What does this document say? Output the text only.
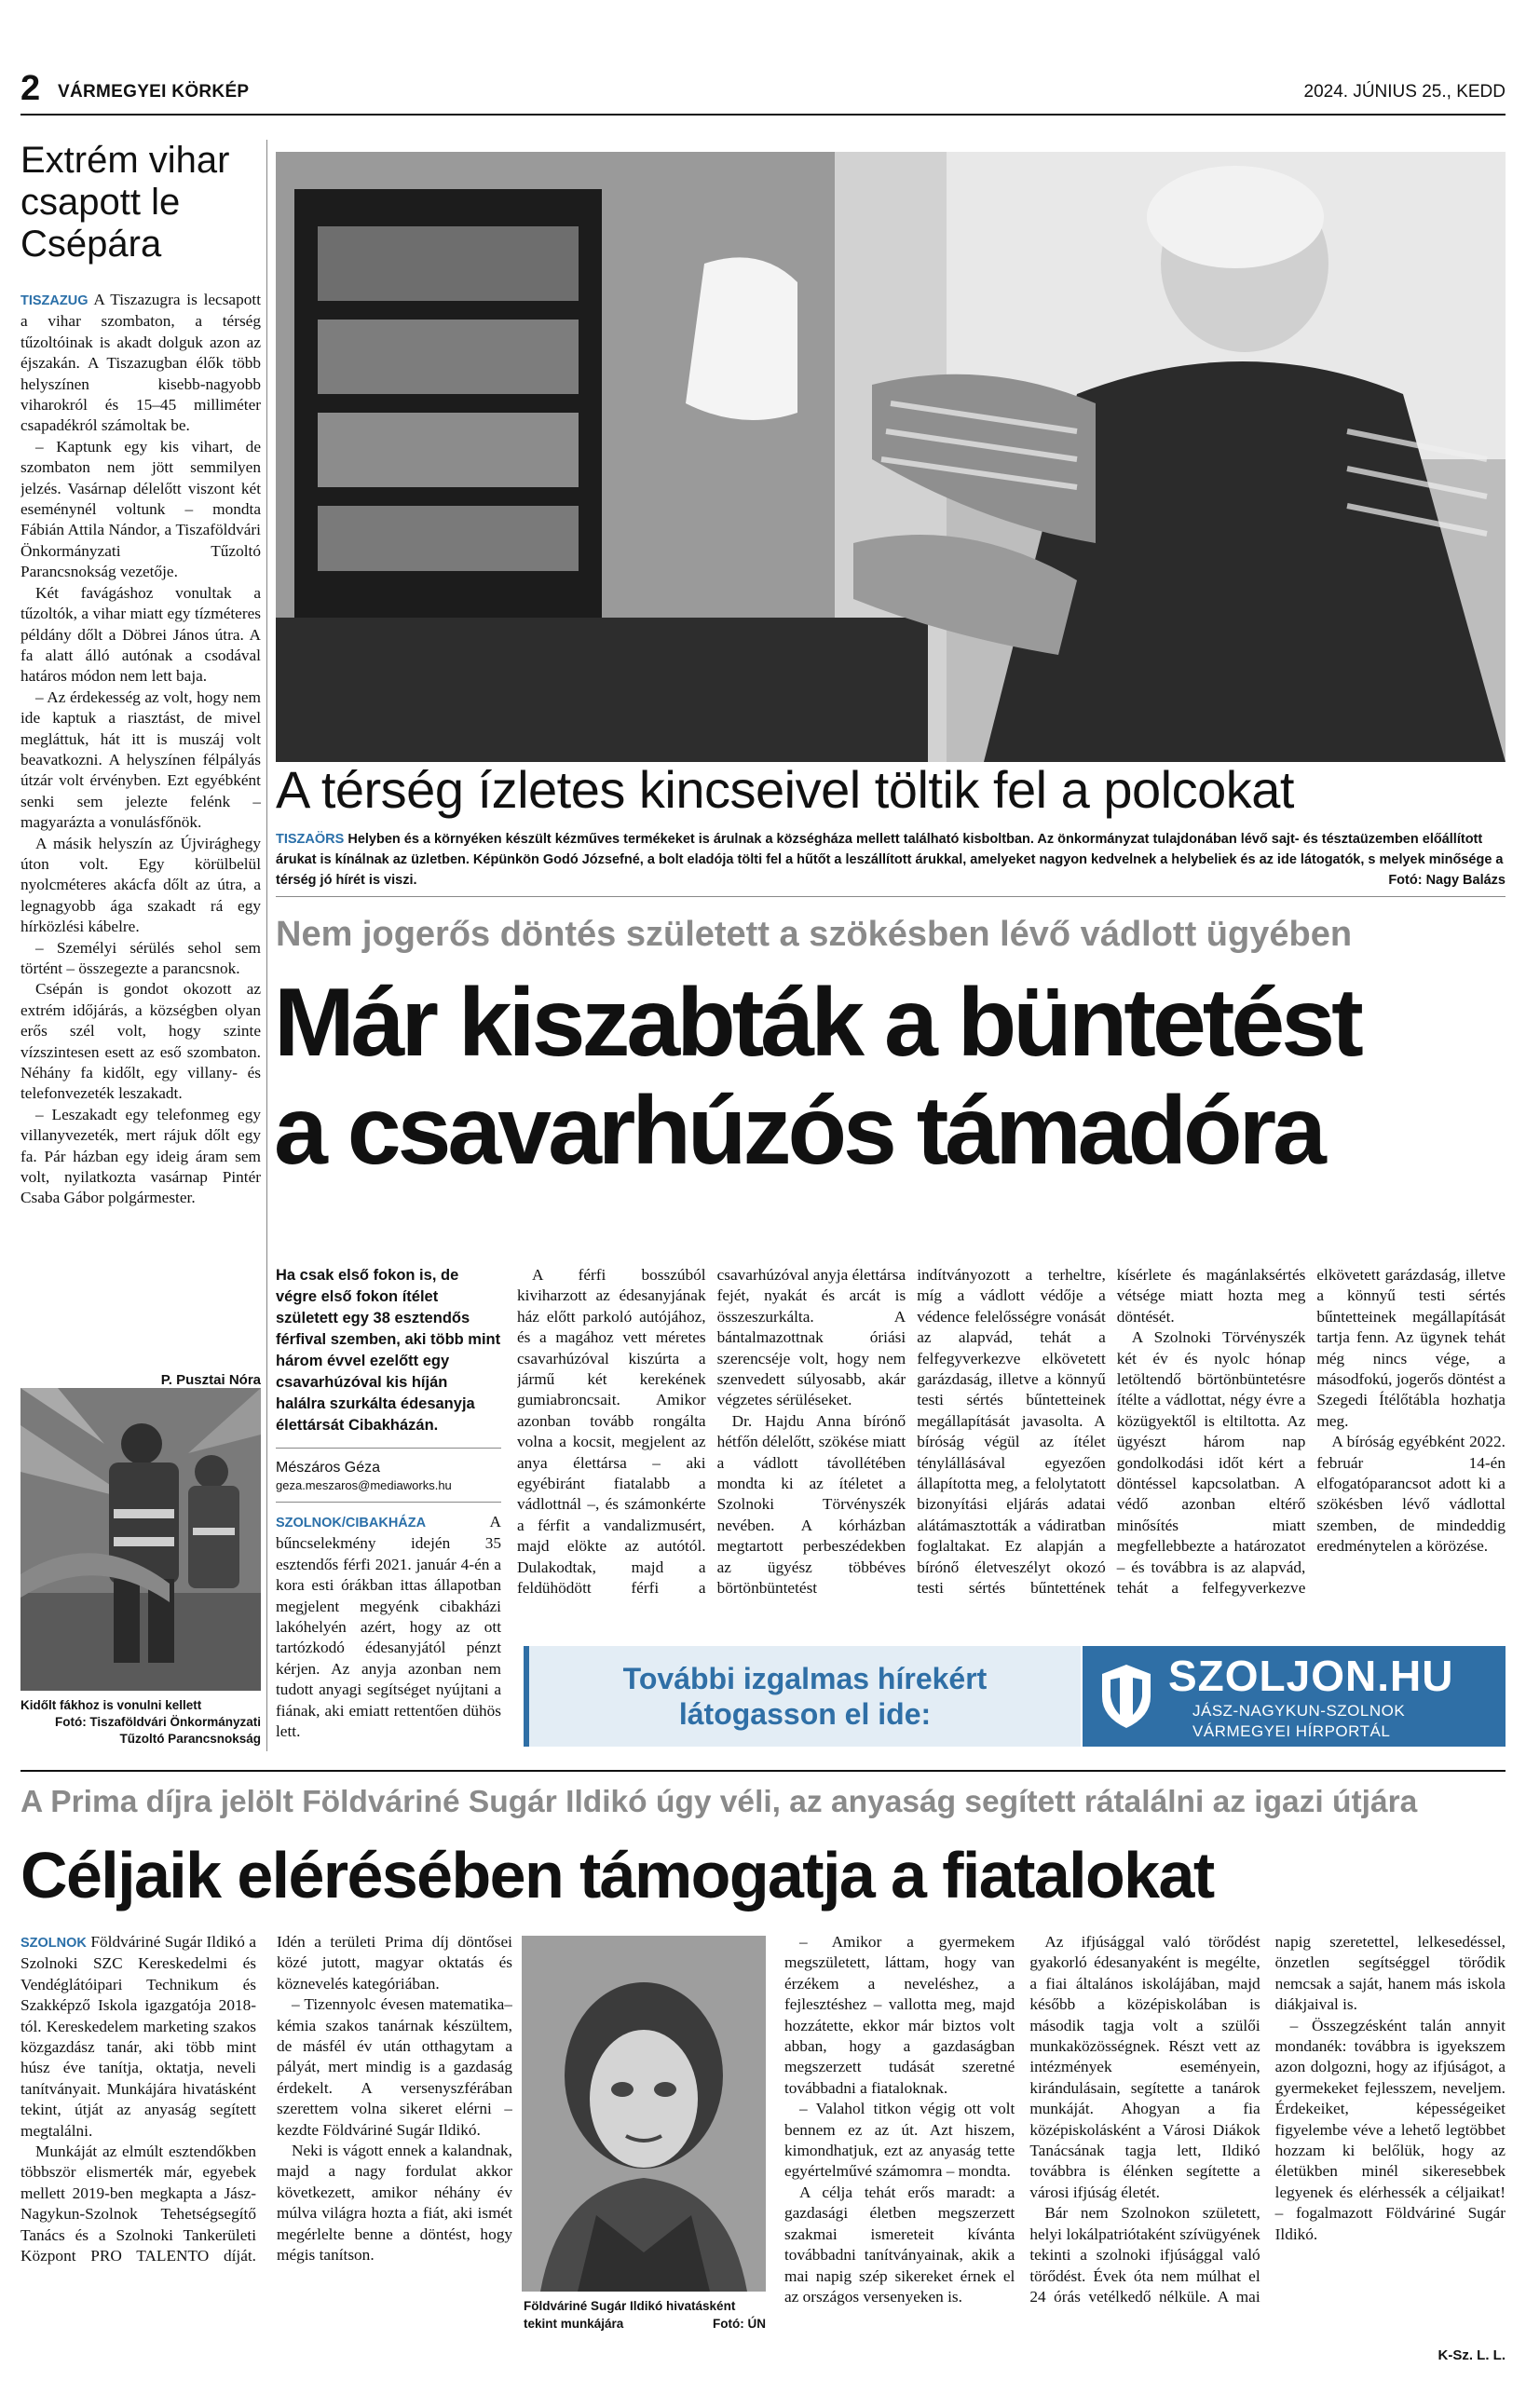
2 VÁRMEGYEI KÖRKÉP	2024. JÚNIUS 25., KEDD
Extrém vihar csapott le Csépára

TISZAZUG A Tiszazugra is lecsapott a vihar szombaton, a térség tűzoltóinak is akadt dolguk azon az éjszakán. A Tiszazugban élők több helyszínen kisebb-nagyobb viharokról és 15–45 milliméter csapadékról számoltak be.

– Kaptunk egy kis vihart, de szombaton nem jött semmilyen jelzés. Vasárnap délelőtt viszont két eseménynél voltunk – mondta Fábián Attila Nándor, a Tiszaföldvári Önkormányzati Tűzoltó Parancsnokság vezetője.

Két favágáshoz vonultak a tűzoltók, a vihar miatt egy tízméteres példány dőlt a Döbrei János útra. A fa alatt álló autónak a csodával határos módon nem lett baja.

– Az érdekesség az volt, hogy nem ide kaptuk a riasztást, de mivel megláttuk, hát itt is muszáj volt beavatkozni. A helyszínen félpályás útzár volt érvényben. Ezt egyébként senki sem jelezte felénk – magyarázta a vonulásfőnök.

A másik helyszín az Újvirághegy úton volt. Egy körülbelül nyolcméteres akácfa dőlt az útra, a legnagyobb ága szakadt rá egy hírközlési kábelre.

– Személyi sérülés sehol sem történt – összegezte a parancsnok.

Csépán is gondot okozott az extrém időjárás, a községben olyan erős szél volt, hogy szinte vízszintesen esett az eső szombaton. Néhány fa kidőlt, egy villany- és telefonvezeték leszakadt.

– Leszakadt egy telefonmeg egy villanyvezeték, mert rájuk dőlt egy fa. Pár házban egy ideig áram sem volt, nyilatkozta vasárnap Pintér Csaba Gábor polgármester.

P. Pusztai Nóra
Kidőlt fákhoz is vonulni kellett
Fotó: Tiszaföldvári Önkormányzati
Tűzoltó Parancsnokság
A térség ízletes kincseivel töltik fel a polcokat
TISZAÖRS Helyben és a környéken készült kézműves termékeket is árulnak a községháza mellett található kisboltban. Az önkormányzat tulajdonában lévő sajt- és tésztaüzemben előállított árukat is kínálnak az üzletben. Képünkön Godó Józsefné, a bolt eladója tölti fel a hűtőt a leszállított árukkal, amelyeket nagyon kedvelnek a helybeliek és az ide látogatók, s melyek minősége a térség jó hírét is viszi.	Fotó: Nagy Balázs
Nem jogerős döntés született a szökésben lévő vádlott ügyében
Már kiszabták a büntetést
a csavarhúzós támadóra
Ha csak első fokon is, de végre első fokon ítélet született egy 38 esztendős férfival szemben, aki több mint három évvel ezelőtt egy csavarhúzóval kis híján halálra szurkálta édesanyja élettársát Cibakházán.
Mészáros Géza
geza.meszaros@mediaworks.hu

SZOLNOK/CIBAKHÁZA	A bűncselekmény idején 35 esztendős férfi 2021. január 4-én a kora esti órákban ittas állapotban megjelent megyénk cibakházi lakóhelyén azért, hogy az ott tartózkodó édesanyjától pénzt kérjen. Az anyja azonban nem tudott anyagi segítséget nyújtani a fiának, aki emiatt rettentően dühös lett.

A férfi bosszúból kiviharzott az édesanyjának ház előtt parkoló autójához, és a magához vett méretes csavarhúzóval kiszúrta a jármű két kerekének gumiabroncsait. Amikor azonban tovább rongálta volna a kocsit, megjelent az anya élettársa – aki egyébiránt fiatalabb a vádlottnál –, és számonkérte a férfit a vandalizmusért, majd elökte az autótól. Dulakodtak, majd a feldühödött férfi a csavarhúzóval anyja élettársa fejét, nyakát és arcát is összeszurkálta. A bántalmazottnak óriási szerencséje volt, hogy nem szenvedett súlyosabb, akár végzetes sérüléseket.

Dr. Hajdu Anna bírónő hétfőn délelőtt, szökése miatt a vádlott távollétében mondta ki az ítéletet a Szolnoki Törvényszék nevében. A kórházban megtartott perbeszédekben az ügyész többéves börtönbüntetést indítványozott a terheltre, míg a vádlott védője a védence felelősségre vonását az alapvád, tehát a felfegyverkezve elkövetett garázdaság, illetve a könnyű testi sértés bűntetteinek megállapítását javasolta. A bíróság végül az ítélet ténylállásával egyezően állapította meg, a felolytatott bizonyítási eljárás adatai alátámasztották a vádiratban foglaltakat. Ez alapján a bírónő életveszélyt okozó testi sértés bűntettének kísérlete és magánlaksértés vétsége miatt hozta meg döntését.

A Szolnoki Törvényszék két év és nyolc hónap letöltendő börtönbüntetésre ítélte a vádlottat, négy évre a közügyektől is eltiltotta. Az ügyészt három nap gondolkodási időt kért a döntéssel kapcsolatban. A védő azonban eltérő minősítés miatt megfellebbezte a határozatot – és továbbra is az alapvád, tehát a felfegyverkezve elkövetett garázdaság, illetve a könnyű testi sértés bűntetteinek megállapítását tartja fenn. Az ügynek tehát még nincs vége, a másodfokú, jogerős döntést a Szegedi Ítélőtábla hozhatja meg.

A bíróság egyébként 2022. február 14-én elfogatóparancsot adott ki a szökésben lévő vádlottal szemben, de mindeddig eredménytelen a körözése.

További izgalmas hírekért
látogasson el ide:
SZOLJON.HU
JÁSZ-NAGYKUN-SZOLNOK
VÁRMEGYEI HÍRPORTÁL
A Prima díjra jelölt Földváriné Sugár Ildikó úgy véli, az anyaság segített rátalálni az igazi útjára
Céljaik elérésében támogatja a fiatalokat

SZOLNOK Földváriné Sugár Ildikó a Szolnoki SZC Kereskedelmi és Vendéglátóipari Technikum és Szakképző Iskola igazgatója 2018-tól. Kereskedelem marketing szakos közgazdász tanár, aki több mint húsz éve tanítja, oktatja, neveli tanítványait. Munkájára hivatásként tekint, útját az anyaság segített megtalálni.

Munkáját az elmúlt esztendőkben többször elismerték már, egyebek mellett 2019-ben megkapta a Jász-Nagykun-Szolnok Tehetségsegítő Tanács és a Szolnoki Tankerületi Központ PRO TALENTO díját. Idén a területi Prima díj döntősei közé jutott, magyar oktatás és köznevelés kategóriában.

– Tizennyolc évesen matematika–kémia szakos tanárnak készültem, de másfél év után otthagytam a pályát, mert mindig is a gazdaság érdekelt. A versenyszférában szerettem volna sikeret elérni – kezdte Földváriné Sugár Ildikó.

Neki is vágott ennek a kalandnak, majd a nagy fordulat akkor következett, amikor néhány év múlva világra hozta a fiát, aki ismét megérlelte benne a döntést, hogy mégis tanítson.

Földváriné Sugár Ildikó hivatásként tekint munkájára	Fotó: ÚN

– Amikor a gyermekem megszületett, láttam, hogy van érzékem a neveléshez, a fejlesztéshez – vallotta meg, majd hozzátette, ekkor már biztos volt abban, hogy a gazdaságban megszerzett tudását szeretné továbbadni a fiataloknak.

– Valahol titkon végig ott volt bennem ez az út. Azt hiszem, kimondhatjuk, ezt az anyaság tette egyértelművé számomra – mondta.

A célja tehát erős maradt: a gazdasági életben megszerzett szakmai ismereteit kívánta továbbadni tanítványainak, akik a mai napig szép sikereket érnek el az országos versenyeken is.

Az ifjúsággal való törődést gyakorló édesanyaként is megélte, a fiai általános iskolájában, majd később a középiskolában is második tagja volt a szülői munkaközösségnek. Részt vett az intézmények eseményein, kirándulásain, segítette a tanárok munkáját. Ahogyan a fia középiskolásként a Városi Diákok Tanácsának tagja lett, Ildikó továbbra is élénken segítette a városi ifjúság életét.

Bár nem Szolnokon született, helyi lokálpatriótaként szívügyének tekinti a szolnoki ifjúsággal való törődést. Évek óta nem múlhat el 24 órás vetélkedő nélküle. A mai napig szeretettel, lelkesedéssel, önzetlen segítséggel törődik nemcsak a saját, hanem más iskola diákjaival is.

– Összegzésként talán annyit mondanék: továbbra is igyekszem azon dolgozni, hogy az ifjúságot, a gyermekeket fejlesszem, neveljem. Érdekeiket, képességeiket figyelembe véve a lehető legtöbbet hozzam ki belőlük, hogy az életükben minél sikeresebbek legyenek és elérhessék a céljaikat! – fogalmazott Földváriné Sugár Ildikó.

K-Sz. L. L.
